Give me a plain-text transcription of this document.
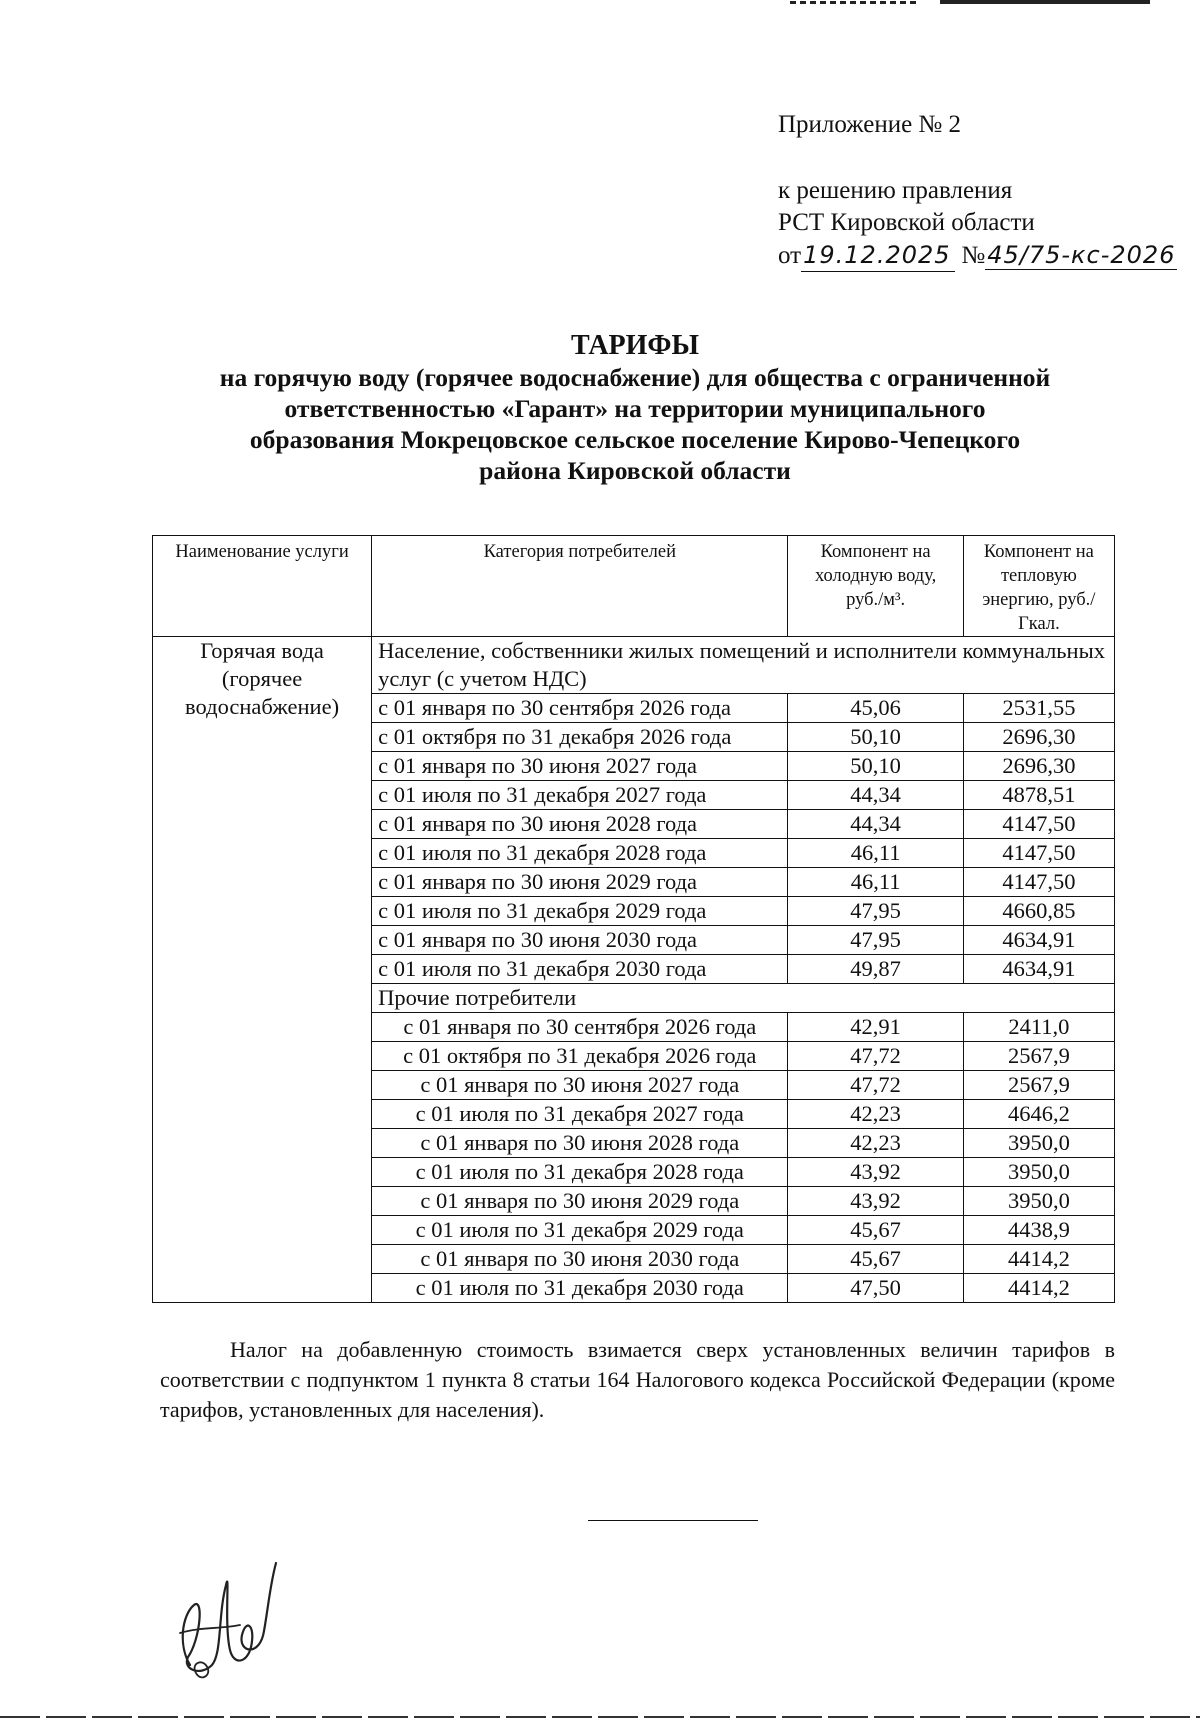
Приложение № 2
к решению правления
РСТ Кировской области
от19.12.2025 №45/75-кс-2026
ТАРИФЫ
на горячую воду (горячее водоснабжение) для общества с ограниченной
ответственностью «Гарант» на территории муниципального
образования Мокрецовское сельское поселение Кирово-Чепецкого
района Кировской области
Наименование услуги	Категория потребителей	Компонент на холодную воду, руб./м³.	Компонент на тепловую энергию, руб./Гкал.
Горячая вода (горячее водоснабжение)	Население, собственники жилых помещений и исполнители коммунальных услуг (с учетом НДС)		
	с 01 января по 30 сентября 2026 года	45,06	2531,55
	с 01 октября по 31 декабря 2026 года	50,10	2696,30
	с 01 января по 30 июня 2027 года	50,10	2696,30
	с 01 июля по 31 декабря 2027 года	44,34	4878,51
	с 01 января по 30 июня 2028 года	44,34	4147,50
	с 01 июля по 31 декабря 2028 года	46,11	4147,50
	с 01 января по 30 июня 2029 года	46,11	4147,50
	с 01 июля по 31 декабря 2029 года	47,95	4660,85
	с 01 января по 30 июня 2030 года	47,95	4634,91
	с 01 июля по 31 декабря 2030 года	49,87	4634,91
	Прочие потребители		
	с 01 января по 30 сентября 2026 года	42,91	2411,0
	с 01 октября по 31 декабря 2026 года	47,72	2567,9
	с 01 января по 30 июня 2027 года	47,72	2567,9
	с 01 июля по 31 декабря 2027 года	42,23	4646,2
	с 01 января по 30 июня 2028 года	42,23	3950,0
	с 01 июля по 31 декабря 2028 года	43,92	3950,0
	с 01 января по 30 июня 2029 года	43,92	3950,0
	с 01 июля по 31 декабря 2029 года	45,67	4438,9
	с 01 января по 30 июня 2030 года	45,67	4414,2
	с 01 июля по 31 декабря 2030 года	47,50	4414,2
Налог на добавленную стоимость взимается сверх установленных величин тарифов в соответствии с подпунктом 1 пункта 8 статьи 164 Налогового кодекса Российской Федерации (кроме тарифов, установленных для населения).
